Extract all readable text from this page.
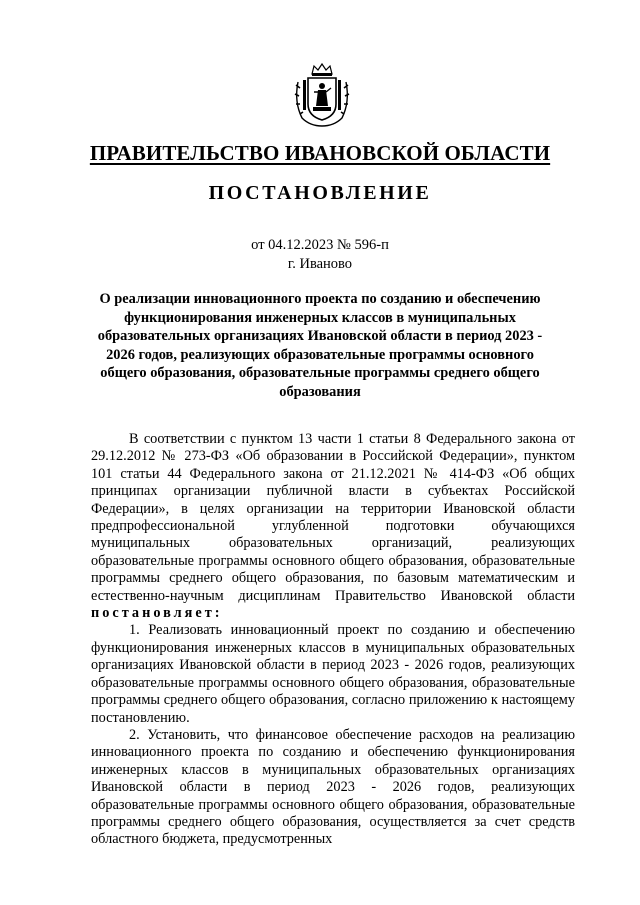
ПРАВИТЕЛЬСТВО ИВАНОВСКОЙ ОБЛАСТИ
ПОСТАНОВЛЕНИЕ
от 04.12.2023 № 596-п
г. Иваново
О реализации инновационного проекта по созданию и обеспечению функционирования инженерных классов в муниципальных образовательных организациях Ивановской области в период 2023 - 2026 годов, реализующих образовательные программы основного общего образования, образовательные программы среднего общего образования

В соответствии с пунктом 13 части 1 статьи 8 Федерального закона от 29.12.2012 № 273-ФЗ «Об образовании в Российской Федерации», пунктом 101 статьи 44 Федерального закона от 21.12.2021 № 414-ФЗ «Об общих принципах организации публичной власти в субъектах Российской Федерации», в целях организации на территории Ивановской области предпрофессиональной углубленной подготовки обучающихся муниципальных образовательных организаций, реализующих образовательные программы основного общего образования, образовательные программы среднего общего образования, по базовым математическим и естественно-научным дисциплинам Правительство Ивановской области постановляет:

1. Реализовать инновационный проект по созданию и обеспечению функционирования инженерных классов в муниципальных образовательных организациях Ивановской области в период 2023 - 2026 годов, реализующих образовательные программы основного общего образования, образовательные программы среднего общего образования, согласно приложению к настоящему постановлению.

2. Установить, что финансовое обеспечение расходов на реализацию инновационного проекта по созданию и обеспечению функционирования инженерных классов в муниципальных образовательных организациях Ивановской области в период 2023 - 2026 годов, реализующих образовательные программы основного общего образования, образовательные программы среднего общего образования, осуществляется за счет средств областного бюджета, предусмотренных
